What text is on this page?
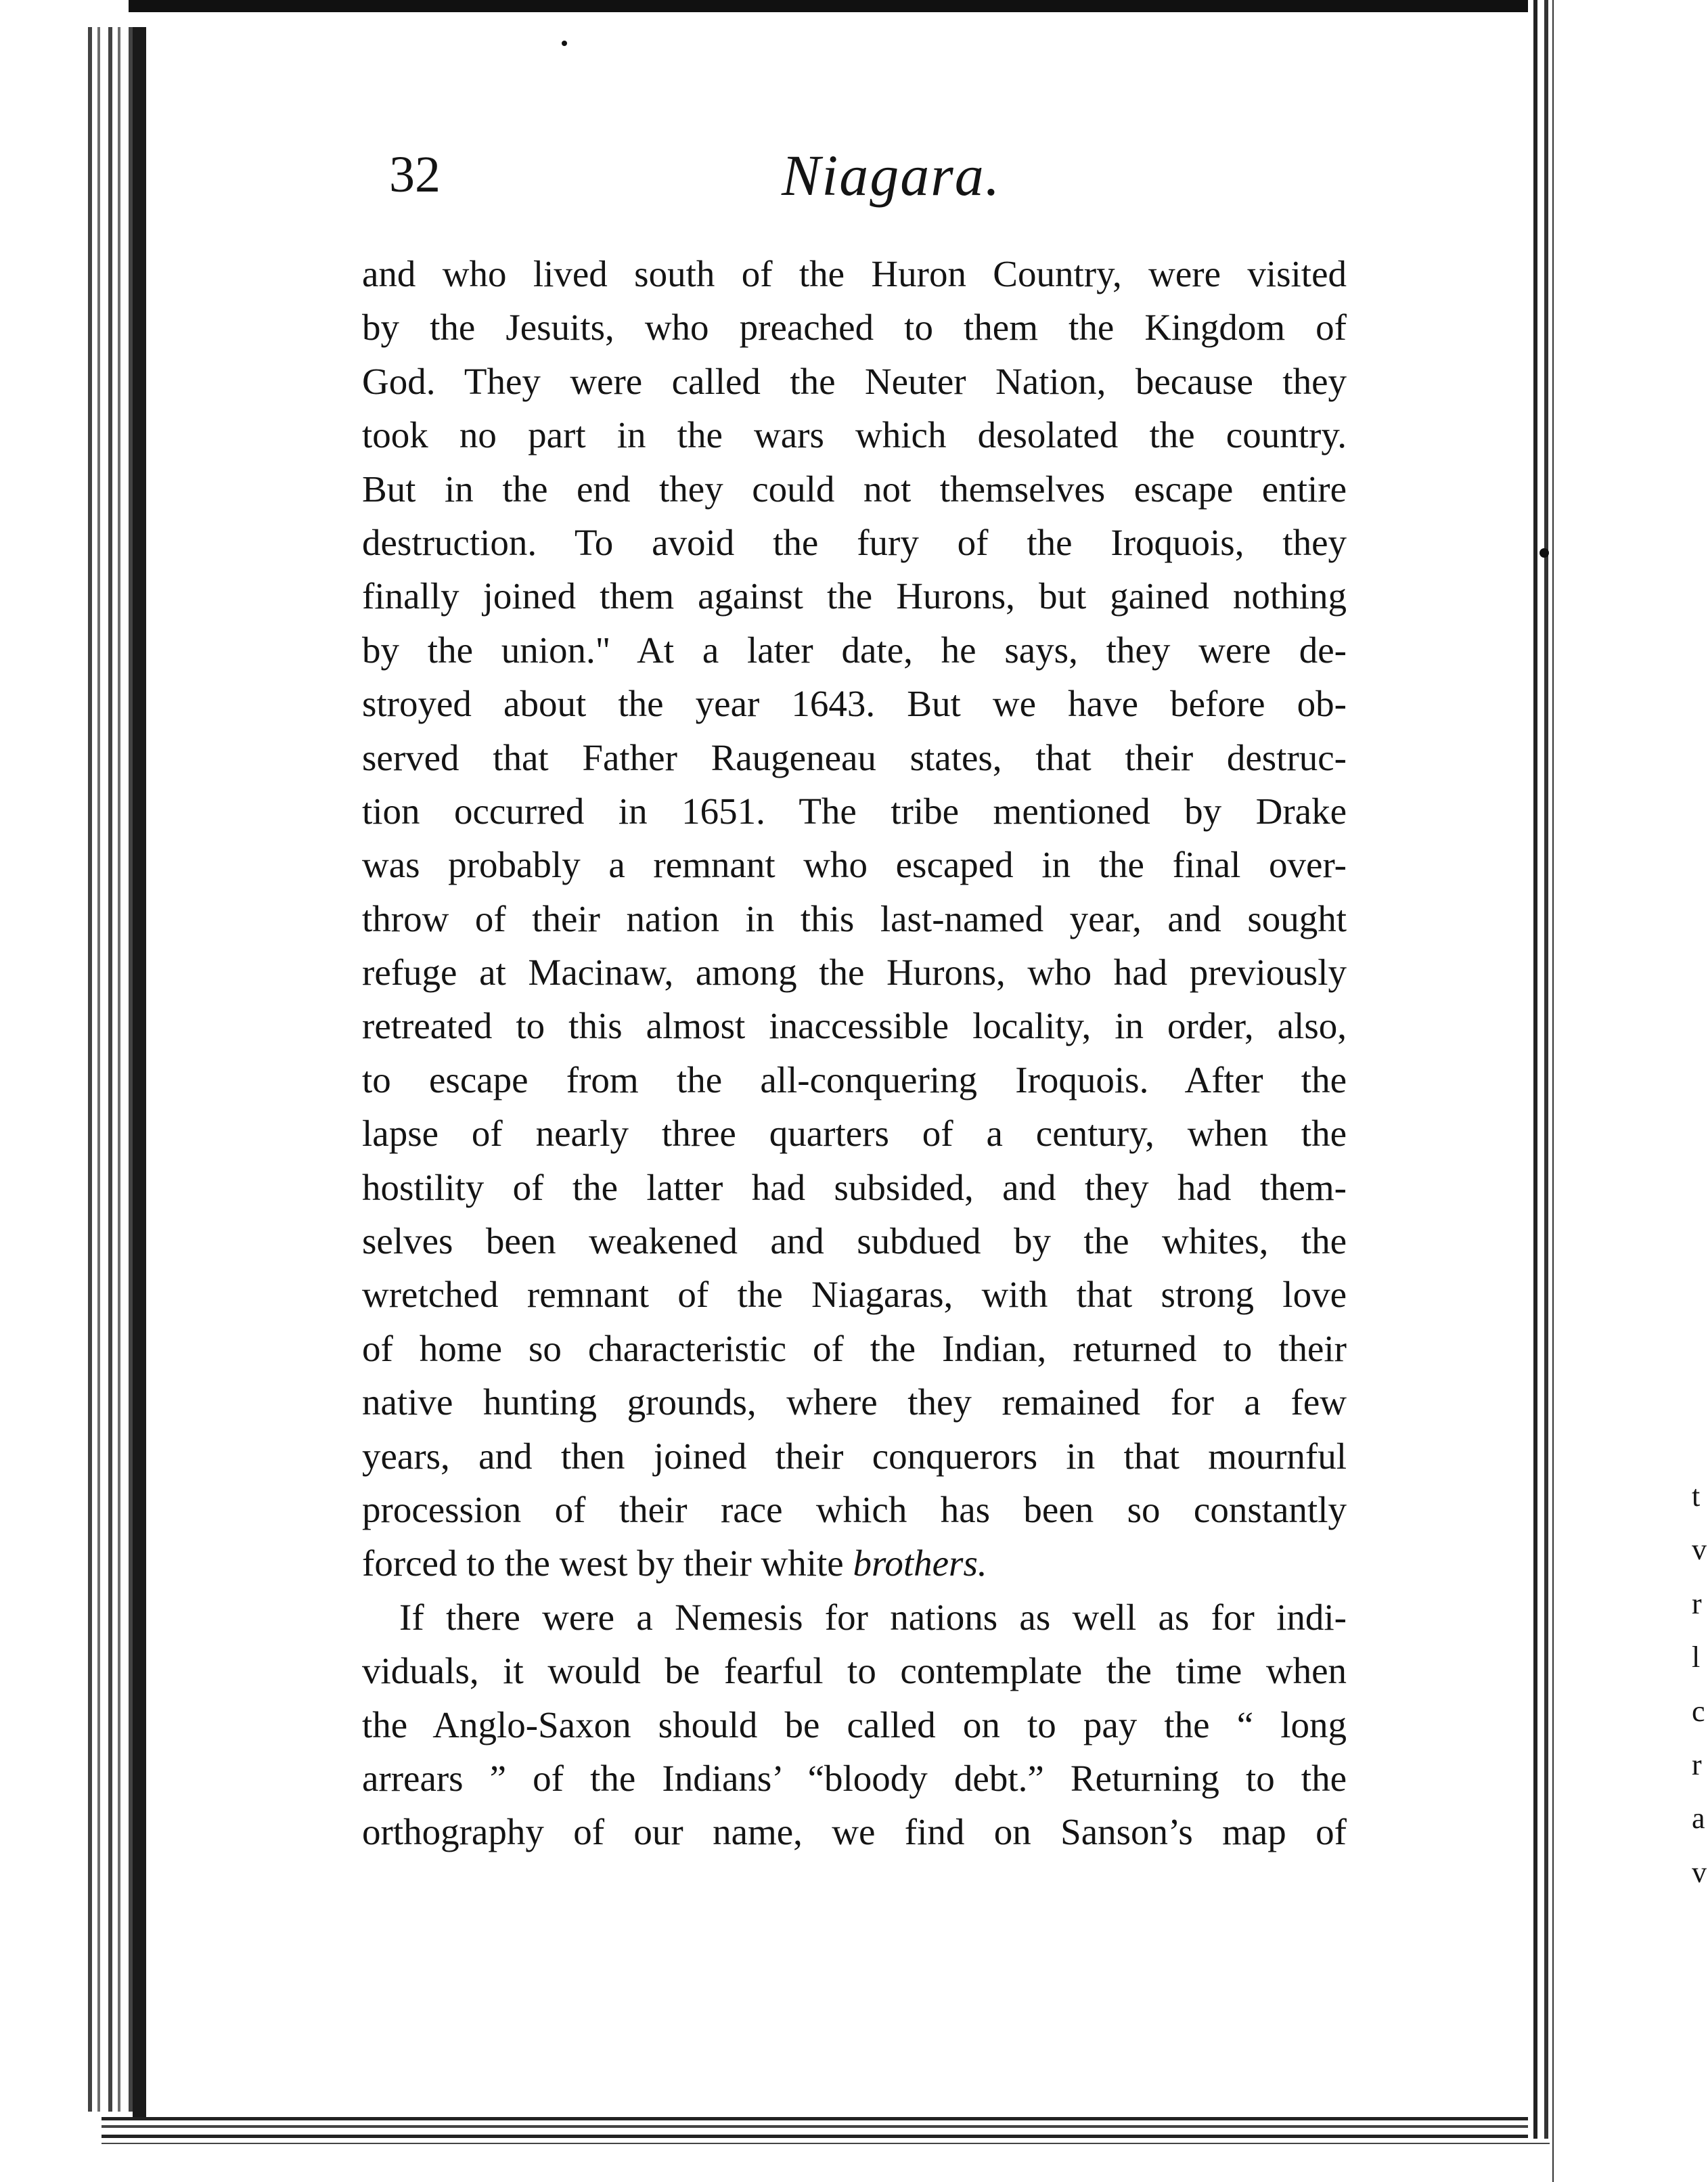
t
v
r
l
c
r
a
v
32	Niagara.
and who lived south of the Huron Country, were visited
by the Jesuits, who preached to them the Kingdom of
God. They were called the Neuter Nation, because they
took no part in the wars which desolated the country.
But in the end they could not themselves escape entire
destruction. To avoid the fury of the Iroquois, they
finally joined them against the Hurons, but gained nothing
by the union." At a later date, he says, they were de-
stroyed about the year 1643. But we have before ob-
served that Father Raugeneau states, that their destruc-
tion occurred in 1651. The tribe mentioned by Drake
was probably a remnant who escaped in the final over-
throw of their nation in this last-named year, and sought
refuge at Macinaw, among the Hurons, who had previously
retreated to this almost inaccessible locality, in order, also,
to escape from the all-conquering Iroquois. After the
lapse of nearly three quarters of a century, when the
hostility of the latter had subsided, and they had them-
selves been weakened and subdued by the whites, the
wretched remnant of the Niagaras, with that strong love
of home so characteristic of the Indian, returned to their
native hunting grounds, where they remained for a few
years, and then joined their conquerors in that mournful
procession of their race which has been so constantly
forced to the west by their white brothers.
If there were a Nemesis for nations as well as for indi-
viduals, it would be fearful to contemplate the time when
the Anglo-Saxon should be called on to pay the “ long
arrears ” of the Indians’ “bloody debt.” Returning to the
orthography of our name, we find on Sanson’s map of
